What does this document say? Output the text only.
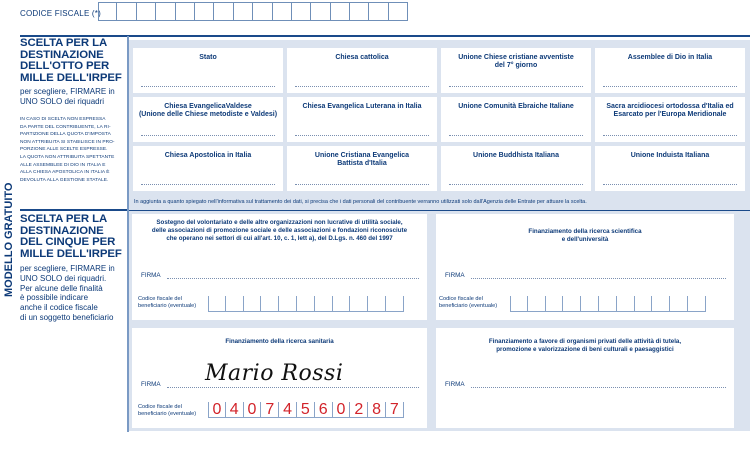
CODICE FISCALE (*)
MODELLO GRATUITO
SCELTA PER LA
DESTINAZIONE
DELL'OTTO PER
MILLE DELL'IRPEF
per scegliere, FIRMARE in
UNO SOLO dei riquadri
IN CASO DI SCELTA NON ESPRESSA
DA PARTE DEL CONTRIBUENTE, LA RI-
PARTIZIONE DELLA QUOTA D'IMPOSTA
NON ATTRIBUITA SI STABILISCE IN PRO-
PORZIONE ALLE SCELTE ESPRESSE.
LA QUOTA NON ATTRIBUITA SPETTANTE
ALLE ASSEMBLEE DI DIO IN ITALIA E
ALLA CHIESA APOSTOLICA IN ITALIA È
DEVOLUTA ALLA GESTIONE STATALE.
Stato	Chiesa cattolica	Unione Chiese cristiane avventiste
del 7° giorno
Assemblee di Dio in Italia
Chiesa EvangelicaValdese
(Unione delle Chiese metodiste e Valdesi)
Chiesa Evangelica Luterana in Italia	Unione Comunità Ebraiche Italiane	Sacra arcidiocesi ortodossa d'Italia ed
Esarcato per l'Europa Meridionale
Chiesa Apostolica in Italia	Unione Cristiana Evangelica
Battista d'Italia
Unione Buddhista Italiana	Unione Induista Italiana
In aggiunta a quanto spiegato nell'informativa sul trattamento dei dati, si precisa che i dati personali del contribuente verranno utilizzati solo dall'Agenzia delle Entrate per attuare la scelta.
SCELTA PER LA
DESTINAZIONE
DEL CINQUE PER
MILLE DELL'IRPEF
per scegliere, FIRMARE in
UNO SOLO dei riquadri.
Per alcune delle finalità
è possibile indicare
anche il codice fiscale
di un soggetto beneficiario
Sostegno del volontariato e delle altre organizzazioni non lucrative di utilità sociale,
delle associazioni di promozione sociale e delle associazioni e fondazioni riconosciute
che operano nei settori di cui all'art. 10, c. 1, lett a), del D.Lgs. n. 460 del 1997
FIRMA
Codice fiscale del
beneficiario (eventuale)
Finanziamento della ricerca scientifica
e dell'università
FIRMA
Codice fiscale del
beneficiario (eventuale)
Finanziamento della ricerca sanitaria
FIRMA Mario Rossi
Codice fiscale del
beneficiario (eventuale) 0 4 0 7 4 5 6 0 2 8 7
Finanziamento a favore di organismi privati delle attività di tutela,
promozione e valorizzazione di beni culturali e paesaggistici
FIRMA
